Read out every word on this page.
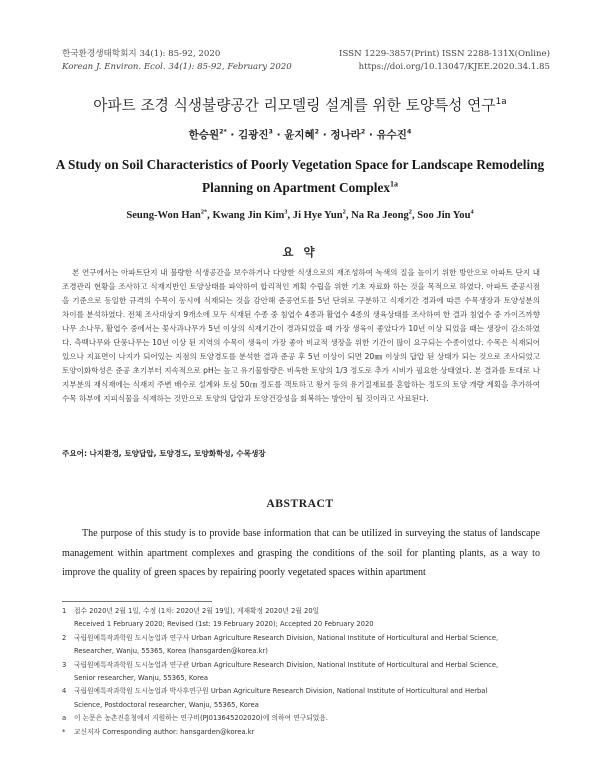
한국환경생태학회지 34(1): 85-92, 2020
Korean J. Environ. Ecol. 34(1): 85-92, February 2020
ISSN 1229-3857(Print) ISSN 2288-131X(Online)
https://doi.org/10.13047/KJEE.2020.34.1.85
아파트 조경 식생불량공간 리모델링 설계를 위한 토양특성 연구$^{1a}$
한승원$^{2*}$ · 김광진$^3$ · 윤지혜$^2$ · 정나라$^2$ · 유수진$^4$
A Study on Soil Characteristics of Poorly Vegetation Space for Landscape Remodeling Planning on Apartment Complex$^{1a}$
Seung-Won Han$^{2*}$, Kwang Jin Kim$^3$, Ji Hye Yun$^2$, Na Ra Jeong$^2$, Soo Jin You$^4$
요 약

본 연구에서는 아파트단지 내 불량한 식생공간을 보수하거나 다양한 식생으로의 재조성하여 녹색의 질을 높이기 위한 방안으로 아파트 단지 내 조경관리 현황을 조사하고 식재지반인 토양상태를 파악하여 합리적인 계획 수립을 위한 기초 자료화 하는 것을 목적으로 하였다. 아파트 준공시점을 기준으로 동일한 규격의 수목이 동시에 식재되는 것을 감안해 준공연도를 5년 단위로 구분하고 식재기간 경과에 따른 수목생장과 토양성분의 차이를 분석하였다. 전체 조사대상지 9개소에 모두 식재된 수종 중 침엽수 4종과 활엽수 4종의 생육상태를 조사하여 한 결과 침엽수 중 가이즈까향나무 소나무, 활엽수 중에서는 꽃사과나무가 5년 이상의 식재기간이 경과되었을 때 가장 생육이 좋았다가 10년 이상 되었을 때는 생장이 감소하였다. 측백나무와 단풍나무는 10년 이상 된 지역의 수목이 생육이 가장 좋아 비교적 생장을 위한 기간이 많이 요구되는 수종이었다. 수목은 식재되어 있으나 지표면이 나지가 되어있는 지점의 토양경도를 분석한 결과 준공 후 5년 이상이 되면 20㎜ 이상의 답압 된 상태가 되는 것으로 조사되었고 토양이화학성은 준공 초기부터 지속적으로 pH는 높고 유기물함량은 비옥한 토양의 1/3 정도로 추가 시비가 필요한 상태였다. 본 결과를 토대로 나지부분의 재식재에는 식재지 주변 배수로 설계와 토심 50㎝ 정도를 객토하고 왕겨 등의 유기질재료를 혼합하는 정도의 토양 개량 계획을 추가하여 수목 하부에 지피식물을 식재하는 것만으로 토양의 답압과 토양건강성을 회복하는 방안이 될 것이라고 사료된다.

주요어: 나지환경, 토양답압, 토양경도, 토양화학성, 수목생장
ABSTRACT

The purpose of this study is to provide base information that can be utilized in surveying the status of landscape management within apartment complexes and grasping the conditions of the soil for planting plants, as a way to improve the quality of green spaces by repairing poorly vegetated spaces within apartment

1 접수 2020년 2월 1일, 수정 (1차: 2020년 2월 19일), 게재확정 2020년 2월 20일
Received 1 February 2020; Revised (1st: 19 February 2020); Accepted 20 February 2020
2 국립원예특작과학원 도시농업과 연구사 Urban Agriculture Research Division, National Institute of Horticultural and Herbal Science,
Researcher, Wanju, 55365, Korea (hansgarden@korea.kr)
3 국립원예특작과학원 도시농업과 연구관 Urban Agriculture Research Division, National Institute of Horticultural and Herbal Science,
Senior researcher, Wanju, 55365, Korea
4 국립원예특작과학원 도시농업과 박사후연구원 Urban Agriculture Research Division, National Institute of Horticultural and Herbal
Science, Postdoctoral researcher, Wanju, 55365, Korea
a 이 논문은 농촌진흥청에서 지원하는 연구비(PJ013645202020)에 의하여 연구되었음.
* 교신저자 Corresponding author: hansgarden@korea.kr
